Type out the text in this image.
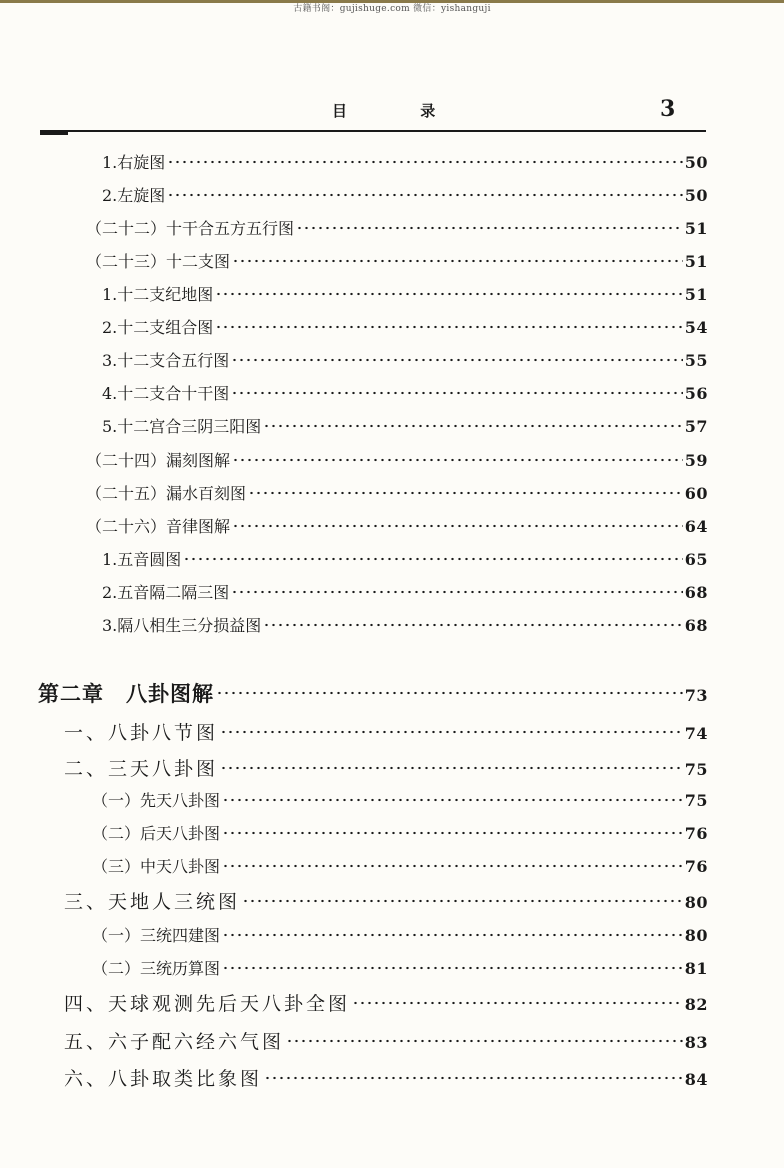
古籍书阁：gujishuge.com 微信：yishanguji
目 录	3
1.右旋图	50
2.左旋图	50
（二十二）十干合五方五行图	51
（二十三）十二支图	51
1.十二支纪地图	51
2.十二支组合图	54
3.十二支合五行图	55
4.十二支合十干图	56
5.十二宫合三阴三阳图	57
（二十四）漏刻图解	59
（二十五）漏水百刻图	60
（二十六）音律图解	64
1.五音圆图	65
2.五音隔二隔三图	68
3.隔八相生三分损益图	68
第二章　八卦图解	73
一、八卦八节图	74
二、三天八卦图	75
（一）先天八卦图	75
（二）后天八卦图	76
（三）中天八卦图	76
三、天地人三统图	80
（一）三统四建图	80
（二）三统历算图	81
四、天球观测先后天八卦全图	82
五、六子配六经六气图	83
六、八卦取类比象图	84
